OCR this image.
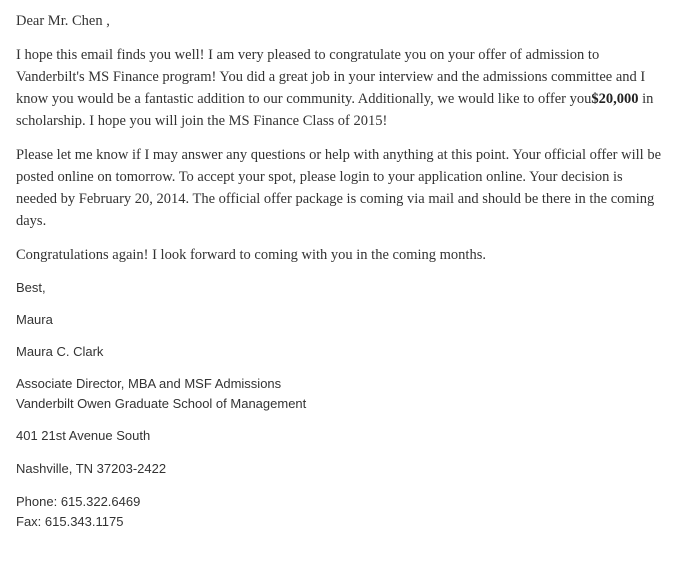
Dear Mr. Chen ,

I hope this email finds you well! I am very pleased to congratulate you on your offer of admission to Vanderbilt's MS Finance program! You did a great job in your interview and the admissions committee and I know you would be a fantastic addition to our community. Additionally, we would like to offer you$20,000 in scholarship. I hope you will join the MS Finance Class of 2015!

Please let me know if I may answer any questions or help with anything at this point. Your official offer will be posted online on tomorrow. To accept your spot, please login to your application online. Your decision is needed by February 20, 2014. The official offer package is coming via mail and should be there in the coming days.

Congratulations again! I look forward to coming with you in the coming months.

Best,

Maura

Maura C. Clark

Associate Director, MBA and MSF Admissions

Vanderbilt Owen Graduate School of Management

401 21st Avenue South

Nashville, TN 37203-2422

Phone: 615.322.6469

Fax: 615.343.1175
